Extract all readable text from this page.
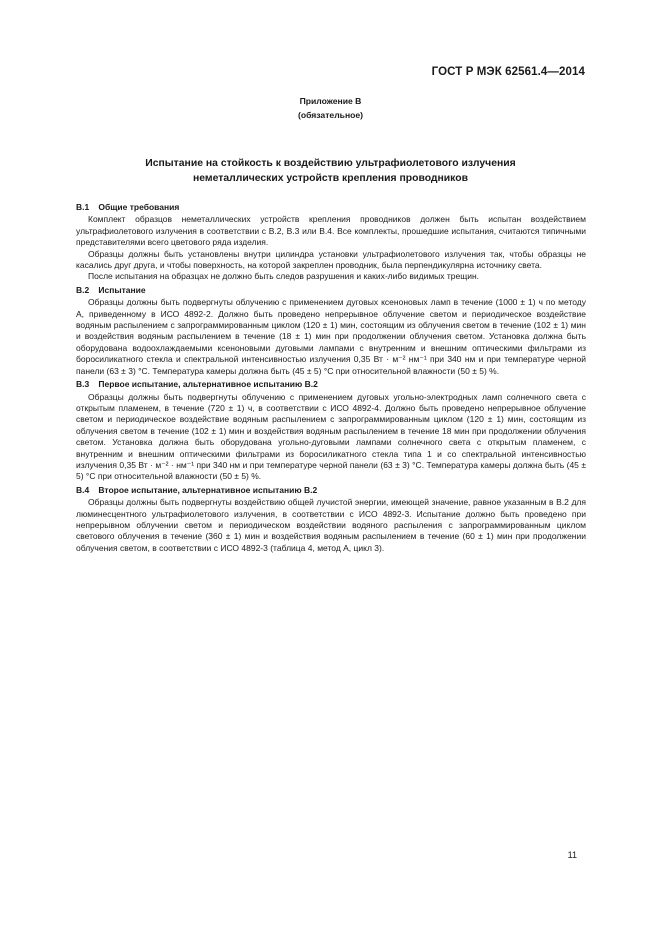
ГОСТ Р МЭК 62561.4—2014
Приложение В
(обязательное)
Испытание на стойкость к воздействию ультрафиолетового излучения
неметаллических устройств крепления проводников
В.1 Общие требования

Комплект образцов неметаллических устройств крепления проводников должен быть испытан воздействием ультрафиолетового излучения в соответствии с В.2, В.3 или В.4. Все комплекты, прошедшие испытания, считаются типичными представителями всего цветового ряда изделия.

Образцы должны быть установлены внутри цилиндра установки ультрафиолетового излучения так, чтобы образцы не касались друг друга, и чтобы поверхность, на которой закреплен проводник, была перпендикулярна источнику света.

После испытания на образцах не должно быть следов разрушения и каких-либо видимых трещин.

В.2 Испытание

Образцы должны быть подвергнуты облучению с применением дуговых ксеноновых ламп в течение (1000 ± 1) ч по методу А, приведенному в ИСО 4892-2. Должно быть проведено непрерывное облучение светом и периодическое воздействие водяным распылением с запрограммированным циклом (120 ± 1) мин, состоящим из облучения светом в течение (102 ± 1) мин и воздействия водяным распылением в течение (18 ± 1) мин при продолжении облучения светом. Установка должна быть оборудована водоохлаждаемыми ксеноновыми дуговыми лампами с внутренним и внешним оптическими фильтрами из боросиликатного стекла и спектральной интенсивностью излучения 0,35 Вт · м⁻² нм⁻¹ при 340 нм и при температуре черной панели (63 ± 3) °С. Температура камеры должна быть (45 ± 5) °С при относительной влажности (50 ± 5) %.

В.3 Первое испытание, альтернативное испытанию В.2

Образцы должны быть подвергнуты облучению с применением дуговых угольно-электродных ламп солнечного света с открытым пламенем, в течение (720 ± 1) ч, в соответствии с ИСО 4892-4. Должно быть проведено непрерывное облучение светом и периодическое воздействие водяным распылением с запрограммированным циклом (120 ± 1) мин, состоящим из облучения светом в течение (102 ± 1) мин и воздействия водяным распылением в течение 18 мин при продолжении облучения светом. Установка должна быть оборудована угольно-дуговыми лампами солнечного света с открытым пламенем, с внутренним и внешним оптическими фильтрами из боросиликатного стекла типа 1 и со спектральной интенсивностью излучения 0,35 Вт · м⁻² · нм⁻¹ при 340 нм и при температуре черной панели (63 ± 3) °С. Температура камеры должна быть (45 ± 5) °С при относительной влажности (50 ± 5) %.

В.4 Второе испытание, альтернативное испытанию В.2

Образцы должны быть подвергнуты воздействию общей лучистой энергии, имеющей значение, равное указанным в В.2 для люминесцентного ультрафиолетового излучения, в соответствии с ИСО 4892-3. Испытание должно быть проведено при непрерывном облучении светом и периодическом воздействии водяного распыления с запрограммированным циклом светового облучения в течение (360 ± 1) мин и воздействия водяным распылением в течение (60 ± 1) мин при продолжении облучения светом, в соответствии с ИСО 4892-3 (таблица 4, метод А, цикл 3).

11
